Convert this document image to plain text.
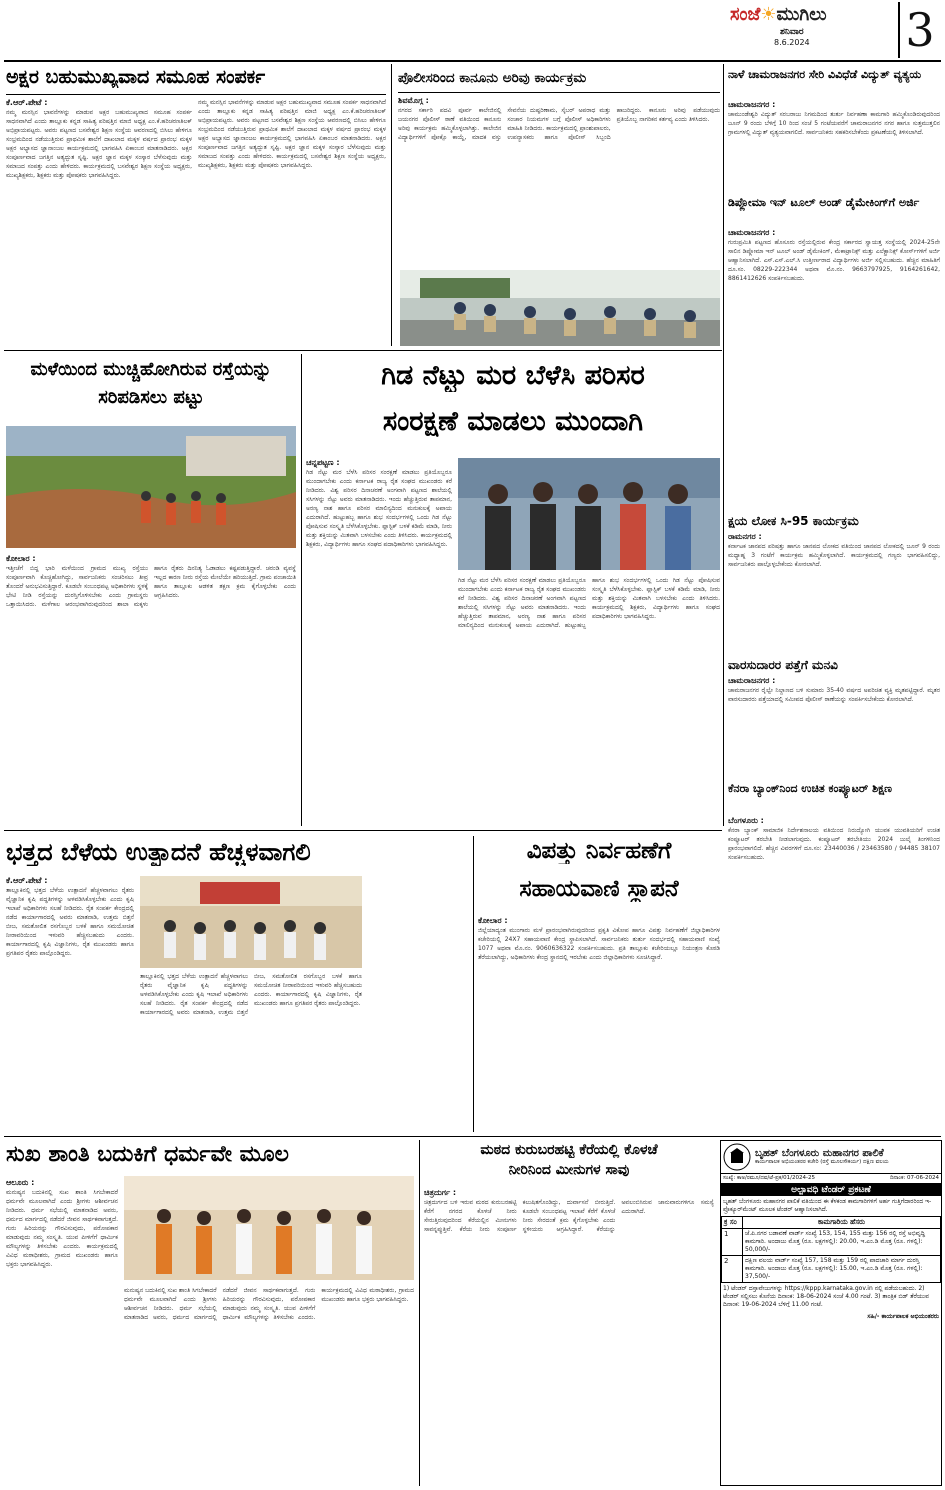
ಸಂಜೆ☀ಮುಗಿಲು
ಶನಿವಾರ
8.6.2024 3
ಅಕ್ಷರ ಬಹುಮುಖ್ಯವಾದ ಸಮೂಹ ಸಂಪರ್ಕ
ಕೆ.ಆರ್.ಪೇಟೆ :
ನಮ್ಮ ಮನಸ್ಸಿನ ಭಾವನೆಗಳನ್ನು ಮಾಡುವ ಅಕ್ಷರ ಬಹುಮುಖ್ಯವಾದ ಸಮೂಹ ಸಂಪರ್ಕ ಸಾಧನವಾಗಿದೆ ಎಂದು ತಾಲ್ಲೂಕು ಕನ್ನಡ ಸಾಹಿತ್ಯ ಪರಿಷತ್ತಿನ ಮಾಜಿ ಅಧ್ಯಕ್ಷ ಎಂ.ಕೆ.ಹರಿಚರಣತಿಲಕ್ ಅಭಿಪ್ರಾಯಪಟ್ಟರು. ಅವರು ಪಟ್ಟಣದ ಬಸವೇಶ್ವರ ಶಿಕ್ಷಣ ಸಂಸ್ಥೆಯ ಆವರಣದಲ್ಲಿ ಬಿಸಿಲು ಹೇಳಿಗೂ ಸಂಭ್ರಮದಿಂದ ನಡೆಯುತ್ತಿರುವ ಪ್ರಾಥಮಿಕ ಶಾಲೆಗೆ ದಾಖಲಾದ ಮಕ್ಕಳ ವರ್ಷದ ಪ್ರಾರಂಭ ಮಕ್ಕಳ ಅಕ್ಷರ ಅಭ್ಯಾಸದ ಜ್ಞಾನಾಂಜಲ ಕಾರ್ಯಕ್ರಮದಲ್ಲಿ ಭಾಗವಹಿಸಿ ಏಕಾಂಬರ ಮಾತನಾಡಿದರು. ಅಕ್ಷರ ಸಂಪೂರ್ಣವಾದ ಜಗತ್ತಿನ ಅತ್ಯದ್ಭುತ ಸೃಷ್ಟಿ. ಅಕ್ಷರ ಜ್ಞಾನ ಮಕ್ಕಳ ಸಂಸ್ಕಾರ ಬೆಳೆಸುವುದು ಮತ್ತು ಸಮಾಜದ ಸಂಪತ್ತು ಎಂದು ಹೇಳಿದರು. ಕಾರ್ಯಕ್ರಮದಲ್ಲಿ ಬಸವೇಶ್ವರ ಶಿಕ್ಷಣ ಸಂಸ್ಥೆಯ ಅಧ್ಯಕ್ಷರು, ಮುಖ್ಯಶಿಕ್ಷಕರು, ಶಿಕ್ಷಕರು ಮತ್ತು ಪೋಷಕರು ಭಾಗವಹಿಸಿದ್ದರು.
ನಮ್ಮ ಮನಸ್ಸಿನ ಭಾವನೆಗಳನ್ನು ಮಾಡುವ ಅಕ್ಷರ ಬಹುಮುಖ್ಯವಾದ ಸಮೂಹ ಸಂಪರ್ಕ ಸಾಧನವಾಗಿದೆ ಎಂದು ತಾಲ್ಲೂಕು ಕನ್ನಡ ಸಾಹಿತ್ಯ ಪರಿಷತ್ತಿನ ಮಾಜಿ ಅಧ್ಯಕ್ಷ ಎಂ.ಕೆ.ಹರಿಚರಣತಿಲಕ್ ಅಭಿಪ್ರಾಯಪಟ್ಟರು. ಅವರು ಪಟ್ಟಣದ ಬಸವೇಶ್ವರ ಶಿಕ್ಷಣ ಸಂಸ್ಥೆಯ ಆವರಣದಲ್ಲಿ ಬಿಸಿಲು ಹೇಳಿಗೂ ಸಂಭ್ರಮದಿಂದ ನಡೆಯುತ್ತಿರುವ ಪ್ರಾಥಮಿಕ ಶಾಲೆಗೆ ದಾಖಲಾದ ಮಕ್ಕಳ ವರ್ಷದ ಪ್ರಾರಂಭ ಮಕ್ಕಳ ಅಕ್ಷರ ಅಭ್ಯಾಸದ ಜ್ಞಾನಾಂಜಲ ಕಾರ್ಯಕ್ರಮದಲ್ಲಿ ಭಾಗವಹಿಸಿ ಏಕಾಂಬರ ಮಾತನಾಡಿದರು. ಅಕ್ಷರ ಸಂಪೂರ್ಣವಾದ ಜಗತ್ತಿನ ಅತ್ಯದ್ಭುತ ಸೃಷ್ಟಿ. ಅಕ್ಷರ ಜ್ಞಾನ ಮಕ್ಕಳ ಸಂಸ್ಕಾರ ಬೆಳೆಸುವುದು ಮತ್ತು ಸಮಾಜದ ಸಂಪತ್ತು ಎಂದು ಹೇಳಿದರು. ಕಾರ್ಯಕ್ರಮದಲ್ಲಿ ಬಸವೇಶ್ವರ ಶಿಕ್ಷಣ ಸಂಸ್ಥೆಯ ಅಧ್ಯಕ್ಷರು, ಮುಖ್ಯಶಿಕ್ಷಕರು, ಶಿಕ್ಷಕರು ಮತ್ತು ಪೋಷಕರು ಭಾಗವಹಿಸಿದ್ದರು.
ಪೊಲೀಸರಿಂದ ಕಾನೂನು ಅರಿವು ಕಾರ್ಯಕ್ರಮ
ಶಿವಮೊಗ್ಗ :
ನಗರದ ಸರ್ಕಾರಿ ಪದವಿ ಪೂರ್ವ ಕಾಲೇಜಿನಲ್ಲಿ ಜಯನಗರ ಪೊಲೀಸ್ ಠಾಣೆ ವತಿಯಿಂದ ಕಾನೂನು ಅರಿವು ಕಾರ್ಯಕ್ರಮ ಹಮ್ಮಿಕೊಳ್ಳಲಾಗಿತ್ತು. ಕಾಲೇಜಿನ ವಿದ್ಯಾರ್ಥಿಗಳಿಗೆ ಪೋಕ್ಸೊ ಕಾಯ್ದೆ, ಮಾದಕ ವಸ್ತು ಸೇವನೆಯ ದುಷ್ಪರಿಣಾಮ, ಸೈಬರ್ ಅಪರಾಧ ಮತ್ತು ಸಂಚಾರ ನಿಯಮಗಳ ಬಗ್ಗೆ ಪೊಲೀಸ್ ಅಧಿಕಾರಿಗಳು ಮಾಹಿತಿ ನೀಡಿದರು. ಕಾರ್ಯಕ್ರಮದಲ್ಲಿ ಪ್ರಾಂಶುಪಾಲರು, ಉಪನ್ಯಾಸಕರು ಹಾಗೂ ಪೊಲೀಸ್ ಸಿಬ್ಬಂದಿ ಹಾಜರಿದ್ದರು. ಕಾನೂನು ಅರಿವು ಪಡೆಯುವುದು ಪ್ರತಿಯೊಬ್ಬ ನಾಗರಿಕನ ಕರ್ತವ್ಯ ಎಂದು ತಿಳಿಸಿದರು.
ನಾಳೆ ಚಾಮರಾಜನಗರ ಸೇರಿ ವಿವಿಧೆಡೆ ವಿದ್ಯುತ್ ವ್ಯತ್ಯಯ
ಚಾಮರಾಜನಗರ :
ಚಾಮುಂಡೇಶ್ವರಿ ವಿದ್ಯುತ್ ಸರಬರಾಜು ನಿಗಮದಿಂದ ತುರ್ತು ನಿರ್ವಹಣಾ ಕಾಮಗಾರಿ ಹಮ್ಮಿಕೊಂಡಿರುವುದರಿಂದ ಜೂನ್ 9 ರಂದು ಬೆಳಿಗ್ಗೆ 10 ರಿಂದ ಸಂಜೆ 5 ಗಂಟೆಯವರೆಗೆ ಚಾಮರಾಜನಗರ ನಗರ ಹಾಗೂ ಸುತ್ತಮುತ್ತಲಿನ ಗ್ರಾಮಗಳಲ್ಲಿ ವಿದ್ಯುತ್ ವ್ಯತ್ಯಯವಾಗಲಿದೆ. ಸಾರ್ವಜನಿಕರು ಸಹಕರಿಸಬೇಕೆಂದು ಪ್ರಕಟಣೆಯಲ್ಲಿ ತಿಳಿಸಲಾಗಿದೆ.
ಡಿಪ್ಲೋಮಾ ಇನ್ ಟೂಲ್ ಅಂಡ್ ಡೈಮೇಕಿಂಗ್‌ಗೆ ಅರ್ಜಿ
ಚಾಮರಾಜನಗರ :
ಗುರುಪ್ರಮಿತಿ ಪಟ್ಟಣದ ಹೊಸೂರು ರಸ್ತೆಯಲ್ಲಿರುವ ಕೇಂದ್ರ ಸರ್ಕಾರದ ಸ್ವಾಯತ್ತ ಸಂಸ್ಥೆಯಲ್ಲಿ 2024-25ನೇ ಸಾಲಿನ ಡಿಪ್ಲೋಮಾ ಇನ್ ಟೂಲ್ ಅಂಡ್ ಡೈಮೇಕಿಂಗ್, ಮೆಕಾಟ್ರಾನಿಕ್ಸ್ ಮತ್ತು ಎಲೆಕ್ಟ್ರಾನಿಕ್ಸ್ ಕೋರ್ಸ್‌ಗಳಿಗೆ ಅರ್ಜಿ ಆಹ್ವಾನಿಸಲಾಗಿದೆ. ಎಸ್.ಎಸ್.ಎಲ್.ಸಿ ಉತ್ತೀರ್ಣರಾದ ವಿದ್ಯಾರ್ಥಿಗಳು ಅರ್ಜಿ ಸಲ್ಲಿಸಬಹುದು. ಹೆಚ್ಚಿನ ಮಾಹಿತಿಗೆ ದೂ.ಸಂ. 08229-222344 ಅಥವಾ ಮೊ.ನಂ. 9663797925, 9164261642, 8861412626 ಸಂಪರ್ಕಿಸಬಹುದು.
ಮಳೆಯಿಂದ ಮುಚ್ಚಿಹೋಗಿರುವ ರಸ್ತೆಯನ್ನು ಸರಿಪಡಿಸಲು ಪಟ್ಟು
ಕೋಲಾರ :
ಇತ್ತೀಚೆಗೆ ಬಿದ್ದ ಭಾರಿ ಮಳೆಯಿಂದ ಗ್ರಾಮದ ಮುಖ್ಯ ರಸ್ತೆಯು ಸಂಪೂರ್ಣವಾಗಿ ಕೊಚ್ಚಿಹೋಗಿದ್ದು, ಸಾರ್ವಜನಿಕರು ಸಂಚರಿಸಲು ತೀವ್ರ ತೊಂದರೆ ಅನುಭವಿಸುತ್ತಿದ್ದಾರೆ. ಕೂಡಲೇ ಸಂಬಂಧಪಟ್ಟ ಅಧಿಕಾರಿಗಳು ಸ್ಥಳಕ್ಕೆ ಭೇಟಿ ನೀಡಿ ರಸ್ತೆಯನ್ನು ದುರಸ್ತಿಗೊಳಿಸಬೇಕು ಎಂದು ಗ್ರಾಮಸ್ಥರು ಒತ್ತಾಯಿಸಿದರು. ಮಳೆಗಾಲ ಆರಂಭವಾಗಿರುವುದರಿಂದ ಶಾಲಾ ಮಕ್ಕಳು ಹಾಗೂ ರೈತರು ದಿನನಿತ್ಯ ಓಡಾಡಲು ಕಷ್ಟಪಡುತ್ತಿದ್ದಾರೆ. ಚರಂಡಿ ವ್ಯವಸ್ಥೆ ಇಲ್ಲದ ಕಾರಣ ನೀರು ರಸ್ತೆಯ ಮೇಲೆಯೇ ಹರಿಯುತ್ತಿದೆ. ಗ್ರಾಮ ಪಂಚಾಯಿತಿ ಹಾಗೂ ತಾಲ್ಲೂಕು ಆಡಳಿತ ತಕ್ಷಣ ಕ್ರಮ ಕೈಗೊಳ್ಳಬೇಕು ಎಂದು ಆಗ್ರಹಿಸಿದರು.
ಗಿಡ ನೆಟ್ಟು ಮರ ಬೆಳೆಸಿ ಪರಿಸರ
ಸಂರಕ್ಷಣೆ ಮಾಡಲು ಮುಂದಾಗಿ
ಚನ್ನಪಟ್ಟಣ :
ಗಿಡ ನೆಟ್ಟು ಮರ ಬೆಳೆಸಿ ಪರಿಸರ ಸಂರಕ್ಷಣೆ ಮಾಡಲು ಪ್ರತಿಯೊಬ್ಬರೂ ಮುಂದಾಗಬೇಕು ಎಂದು ಕರ್ನಾಟಕ ರಾಜ್ಯ ರೈತ ಸಂಘದ ಮುಖಂಡರು ಕರೆ ನೀಡಿದರು. ವಿಶ್ವ ಪರಿಸರ ದಿನಾಚರಣೆ ಅಂಗವಾಗಿ ಪಟ್ಟಣದ ಶಾಲೆಯಲ್ಲಿ ಸಸಿಗಳನ್ನು ನೆಟ್ಟು ಅವರು ಮಾತನಾಡಿದರು. ಇಂದು ಹೆಚ್ಚುತ್ತಿರುವ ತಾಪಮಾನ, ಅರಣ್ಯ ನಾಶ ಹಾಗೂ ಪರಿಸರ ಮಾಲಿನ್ಯದಿಂದ ಮನುಕುಲಕ್ಕೆ ಅಪಾಯ ಎದುರಾಗಿದೆ. ಹುಟ್ಟುಹಬ್ಬ ಹಾಗೂ ಶುಭ ಸಂದರ್ಭಗಳಲ್ಲಿ ಒಂದು ಗಿಡ ನೆಟ್ಟು ಪೋಷಿಸುವ ಸಂಸ್ಕೃತಿ ಬೆಳೆಸಿಕೊಳ್ಳಬೇಕು. ಪ್ಲಾಸ್ಟಿಕ್ ಬಳಕೆ ಕಡಿಮೆ ಮಾಡಿ, ನೀರು ಮತ್ತು ಶಕ್ತಿಯನ್ನು ಮಿತವಾಗಿ ಬಳಸಬೇಕು ಎಂದು ತಿಳಿಸಿದರು. ಕಾರ್ಯಕ್ರಮದಲ್ಲಿ ಶಿಕ್ಷಕರು, ವಿದ್ಯಾರ್ಥಿಗಳು ಹಾಗೂ ಸಂಘದ ಪದಾಧಿಕಾರಿಗಳು ಭಾಗವಹಿಸಿದ್ದರು.
ಗಿಡ ನೆಟ್ಟು ಮರ ಬೆಳೆಸಿ ಪರಿಸರ ಸಂರಕ್ಷಣೆ ಮಾಡಲು ಪ್ರತಿಯೊಬ್ಬರೂ ಮುಂದಾಗಬೇಕು ಎಂದು ಕರ್ನಾಟಕ ರಾಜ್ಯ ರೈತ ಸಂಘದ ಮುಖಂಡರು ಕರೆ ನೀಡಿದರು. ವಿಶ್ವ ಪರಿಸರ ದಿನಾಚರಣೆ ಅಂಗವಾಗಿ ಪಟ್ಟಣದ ಶಾಲೆಯಲ್ಲಿ ಸಸಿಗಳನ್ನು ನೆಟ್ಟು ಅವರು ಮಾತನಾಡಿದರು. ಇಂದು ಹೆಚ್ಚುತ್ತಿರುವ ತಾಪಮಾನ, ಅರಣ್ಯ ನಾಶ ಹಾಗೂ ಪರಿಸರ ಮಾಲಿನ್ಯದಿಂದ ಮನುಕುಲಕ್ಕೆ ಅಪಾಯ ಎದುರಾಗಿದೆ. ಹುಟ್ಟುಹಬ್ಬ ಹಾಗೂ ಶುಭ ಸಂದರ್ಭಗಳಲ್ಲಿ ಒಂದು ಗಿಡ ನೆಟ್ಟು ಪೋಷಿಸುವ ಸಂಸ್ಕೃತಿ ಬೆಳೆಸಿಕೊಳ್ಳಬೇಕು. ಪ್ಲಾಸ್ಟಿಕ್ ಬಳಕೆ ಕಡಿಮೆ ಮಾಡಿ, ನೀರು ಮತ್ತು ಶಕ್ತಿಯನ್ನು ಮಿತವಾಗಿ ಬಳಸಬೇಕು ಎಂದು ತಿಳಿಸಿದರು. ಕಾರ್ಯಕ್ರಮದಲ್ಲಿ ಶಿಕ್ಷಕರು, ವಿದ್ಯಾರ್ಥಿಗಳು ಹಾಗೂ ಸಂಘದ ಪದಾಧಿಕಾರಿಗಳು ಭಾಗವಹಿಸಿದ್ದರು.
ಕ್ಷಯ ಲೋಕ ಸಿ-95 ಕಾರ್ಯಕ್ರಮ
ರಾಮನಗರ :
ಕರ್ನಾಟಕ ಜಾನಪದ ಪರಿಷತ್ತು ಹಾಗೂ ಜಾನಪದ ಲೋಕದ ವತಿಯಿಂದ ಜಾನಪದ ಲೋಕದಲ್ಲಿ ಜೂನ್ 9 ರಂದು ಮಧ್ಯಾಹ್ನ 3 ಗಂಟೆಗೆ ಕಾರ್ಯಕ್ರಮ ಹಮ್ಮಿಕೊಳ್ಳಲಾಗಿದೆ. ಕಾರ್ಯಕ್ರಮದಲ್ಲಿ ಗಣ್ಯರು ಭಾಗವಹಿಸಲಿದ್ದು, ಸಾರ್ವಜನಿಕರು ಪಾಲ್ಗೊಳ್ಳಬೇಕೆಂದು ಕೋರಲಾಗಿದೆ.
ವಾರಸುದಾರರ ಪತ್ತೆಗೆ ಮನವಿ
ಚಾಮರಾಜನಗರ :
ಚಾಮರಾಜನಗರ ರೈಲ್ವೇ ನಿಲ್ದಾಣದ ಬಳಿ ಸುಮಾರು 35-40 ವರ್ಷದ ಅಪರಿಚಿತ ವ್ಯಕ್ತಿ ಮೃತಪಟ್ಟಿದ್ದಾರೆ. ಮೃತರ ವಾರಸುದಾರರು ಪತ್ತೆಯಾದಲ್ಲಿ ಸಮೀಪದ ಪೊಲೀಸ್ ಠಾಣೆಯನ್ನು ಸಂಪರ್ಕಿಸಬೇಕೆಂದು ಕೋರಲಾಗಿದೆ.
ಕೆನರಾ ಬ್ಯಾಂಕ್‌ನಿಂದ ಉಚಿತ ಕಂಪ್ಯೂಟರ್ ಶಿಕ್ಷಣ
ಬೆಂಗಳೂರು :
ಕೆನರಾ ಬ್ಯಾಂಕ್ ಸಾಮಾಜಿಕ ನಿರ್ದೇಶನಾಲಯ ವತಿಯಿಂದ ನಿರುದ್ಯೋಗಿ ಯುವಕ ಯುವತಿಯರಿಗೆ ಉಚಿತ ಕಂಪ್ಯೂಟರ್ ತರಬೇತಿ ನೀಡಲಾಗುವುದು. ಕಂಪ್ಯೂಟರ್ ತರಬೇತಿಯು 2024 ಜುಲೈ ತಿಂಗಳಿನಿಂದ ಪ್ರಾರಂಭವಾಗಲಿದೆ. ಹೆಚ್ಚಿನ ವಿವರಗಳಿಗೆ ದೂ.ಸಂ: 23440036 / 23463580 / 94485 38107 ಸಂಪರ್ಕಿಸಬಹುದು.
ಭತ್ತದ ಬೆಳೆಯ ಉತ್ಪಾದನೆ ಹೆಚ್ಚಳವಾಗಲಿ
ಕೆ.ಆರ್.ಪೇಟೆ :
ತಾಲ್ಲೂಕಿನಲ್ಲಿ ಭತ್ತದ ಬೆಳೆಯ ಉತ್ಪಾದನೆ ಹೆಚ್ಚಳವಾಗಲು ರೈತರು ವೈಜ್ಞಾನಿಕ ಕೃಷಿ ಪದ್ಧತಿಗಳನ್ನು ಅಳವಡಿಸಿಕೊಳ್ಳಬೇಕು ಎಂದು ಕೃಷಿ ಇಲಾಖೆ ಅಧಿಕಾರಿಗಳು ಸಲಹೆ ನೀಡಿದರು. ರೈತ ಸಂಪರ್ಕ ಕೇಂದ್ರದಲ್ಲಿ ನಡೆದ ಕಾರ್ಯಾಗಾರದಲ್ಲಿ ಅವರು ಮಾತನಾಡಿ, ಉತ್ತಮ ಬಿತ್ತನೆ ಬೀಜ, ಸಮತೋಲಿತ ರಸಗೊಬ್ಬರ ಬಳಕೆ ಹಾಗೂ ಸಮಯೋಚಿತ ನೀರಾವರಿಯಿಂದ ಇಳುವರಿ ಹೆಚ್ಚಿಸಬಹುದು ಎಂದರು. ಕಾರ್ಯಾಗಾರದಲ್ಲಿ ಕೃಷಿ ವಿಜ್ಞಾನಿಗಳು, ರೈತ ಮುಖಂಡರು ಹಾಗೂ ಪ್ರಗತಿಪರ ರೈತರು ಪಾಲ್ಗೊಂಡಿದ್ದರು.
ತಾಲ್ಲೂಕಿನಲ್ಲಿ ಭತ್ತದ ಬೆಳೆಯ ಉತ್ಪಾದನೆ ಹೆಚ್ಚಳವಾಗಲು ರೈತರು ವೈಜ್ಞಾನಿಕ ಕೃಷಿ ಪದ್ಧತಿಗಳನ್ನು ಅಳವಡಿಸಿಕೊಳ್ಳಬೇಕು ಎಂದು ಕೃಷಿ ಇಲಾಖೆ ಅಧಿಕಾರಿಗಳು ಸಲಹೆ ನೀಡಿದರು. ರೈತ ಸಂಪರ್ಕ ಕೇಂದ್ರದಲ್ಲಿ ನಡೆದ ಕಾರ್ಯಾಗಾರದಲ್ಲಿ ಅವರು ಮಾತನಾಡಿ, ಉತ್ತಮ ಬಿತ್ತನೆ ಬೀಜ, ಸಮತೋಲಿತ ರಸಗೊಬ್ಬರ ಬಳಕೆ ಹಾಗೂ ಸಮಯೋಚಿತ ನೀರಾವರಿಯಿಂದ ಇಳುವರಿ ಹೆಚ್ಚಿಸಬಹುದು ಎಂದರು. ಕಾರ್ಯಾಗಾರದಲ್ಲಿ ಕೃಷಿ ವಿಜ್ಞಾನಿಗಳು, ರೈತ ಮುಖಂಡರು ಹಾಗೂ ಪ್ರಗತಿಪರ ರೈತರು ಪಾಲ್ಗೊಂಡಿದ್ದರು.
ವಿಪತ್ತು ನಿರ್ವಹಣೆಗೆ
ಸಹಾಯವಾಣಿ ಸ್ಥಾಪನೆ
ಕೋಲಾರ :
ಜಿಲ್ಲೆಯಾದ್ಯಂತ ಮುಂಗಾರು ಮಳೆ ಪ್ರಾರಂಭವಾಗಿರುವುದರಿಂದ ಪ್ರಕೃತಿ ವಿಕೋಪ ಹಾಗೂ ವಿಪತ್ತು ನಿರ್ವಹಣೆಗೆ ಜಿಲ್ಲಾಧಿಕಾರಿಗಳ ಕಚೇರಿಯಲ್ಲಿ 24X7 ಸಹಾಯವಾಣಿ ಕೇಂದ್ರ ಸ್ಥಾಪಿಸಲಾಗಿದೆ. ಸಾರ್ವಜನಿಕರು ತುರ್ತು ಸಂದರ್ಭದಲ್ಲಿ ಸಹಾಯವಾಣಿ ಸಂಖ್ಯೆ 1077 ಅಥವಾ ಮೊ.ನಂ. 9060636322 ಸಂಪರ್ಕಿಸಬಹುದು. ಪ್ರತಿ ತಾಲ್ಲೂಕು ಕಚೇರಿಯಲ್ಲೂ ನಿಯಂತ್ರಣ ಕೊಠಡಿ ತೆರೆಯಲಾಗಿದ್ದು, ಅಧಿಕಾರಿಗಳು ಕೇಂದ್ರ ಸ್ಥಾನದಲ್ಲಿ ಇರಬೇಕು ಎಂದು ಜಿಲ್ಲಾಧಿಕಾರಿಗಳು ಸೂಚಿಸಿದ್ದಾರೆ.
ಸುಖ ಶಾಂತಿ ಬದುಕಿಗೆ ಧರ್ಮವೇ ಮೂಲ
ಆಲೂರು :
ಮನುಷ್ಯನ ಬದುಕಿನಲ್ಲಿ ಸುಖ ಶಾಂತಿ ಸಿಗಬೇಕಾದರೆ ಧರ್ಮವೇ ಮೂಲವಾಗಿದೆ ಎಂದು ಶ್ರೀಗಳು ಆಶೀರ್ವಚನ ನೀಡಿದರು. ಧರ್ಮ ಸಭೆಯಲ್ಲಿ ಮಾತನಾಡಿದ ಅವರು, ಧರ್ಮದ ಮಾರ್ಗದಲ್ಲಿ ನಡೆದರೆ ಜೀವನ ಸಾರ್ಥಕವಾಗುತ್ತದೆ. ಗುರು ಹಿರಿಯರನ್ನು ಗೌರವಿಸುವುದು, ಪರೋಪಕಾರ ಮಾಡುವುದು ನಮ್ಮ ಸಂಸ್ಕೃತಿ. ಯುವ ಪೀಳಿಗೆಗೆ ಧಾರ್ಮಿಕ ಮೌಲ್ಯಗಳನ್ನು ತಿಳಿಸಬೇಕು ಎಂದರು. ಕಾರ್ಯಕ್ರಮದಲ್ಲಿ ವಿವಿಧ ಮಠಾಧೀಶರು, ಗ್ರಾಮದ ಮುಖಂಡರು ಹಾಗೂ ಭಕ್ತರು ಭಾಗವಹಿಸಿದ್ದರು.
ಮನುಷ್ಯನ ಬದುಕಿನಲ್ಲಿ ಸುಖ ಶಾಂತಿ ಸಿಗಬೇಕಾದರೆ ಧರ್ಮವೇ ಮೂಲವಾಗಿದೆ ಎಂದು ಶ್ರೀಗಳು ಆಶೀರ್ವಚನ ನೀಡಿದರು. ಧರ್ಮ ಸಭೆಯಲ್ಲಿ ಮಾತನಾಡಿದ ಅವರು, ಧರ್ಮದ ಮಾರ್ಗದಲ್ಲಿ ನಡೆದರೆ ಜೀವನ ಸಾರ್ಥಕವಾಗುತ್ತದೆ. ಗುರು ಹಿರಿಯರನ್ನು ಗೌರವಿಸುವುದು, ಪರೋಪಕಾರ ಮಾಡುವುದು ನಮ್ಮ ಸಂಸ್ಕೃತಿ. ಯುವ ಪೀಳಿಗೆಗೆ ಧಾರ್ಮಿಕ ಮೌಲ್ಯಗಳನ್ನು ತಿಳಿಸಬೇಕು ಎಂದರು. ಕಾರ್ಯಕ್ರಮದಲ್ಲಿ ವಿವಿಧ ಮಠಾಧೀಶರು, ಗ್ರಾಮದ ಮುಖಂಡರು ಹಾಗೂ ಭಕ್ತರು ಭಾಗವಹಿಸಿದ್ದರು.
ಮಠದ ಕುರುಬರಹಟ್ಟಿ ಕೆರೆಯಲ್ಲಿ ಕೊಳಚೆ
ನೀರಿನಿಂದ ಮೀನುಗಳ ಸಾವು
ಚಿತ್ರದುರ್ಗ :
ಚಿತ್ರದುರ್ಗದ ಬಳಿ ಇರುವ ಮಠದ ಕುರುಬರಹಟ್ಟಿ ಕೆರೆಗೆ ನಗರದ ಕೊಳಚೆ ನೀರು ಸೇರುತ್ತಿರುವುದರಿಂದ ಕೆರೆಯಲ್ಲಿನ ಮೀನುಗಳು ಸಾವನ್ನಪ್ಪುತ್ತಿವೆ. ಕೆರೆಯ ನೀರು ಸಂಪೂರ್ಣ ಕಲುಷಿತಗೊಂಡಿದ್ದು, ದುರ್ವಾಸನೆ ಬೀರುತ್ತಿದೆ. ಕೂಡಲೇ ಸಂಬಂಧಪಟ್ಟ ಇಲಾಖೆ ಕೆರೆಗೆ ಕೊಳಚೆ ನೀರು ಸೇರದಂತೆ ಕ್ರಮ ಕೈಗೊಳ್ಳಬೇಕು ಎಂದು ಸ್ಥಳೀಯರು ಆಗ್ರಹಿಸಿದ್ದಾರೆ. ಕೆರೆಯನ್ನು ಅವಲಂಬಿಸಿರುವ ಜಾನುವಾರುಗಳಿಗೂ ಸಮಸ್ಯೆ ಎದುರಾಗಿದೆ.
ಬೃಹತ್ ಬೆಂಗಳೂರು ಮಹಾನಗರ ಪಾಲಿಕೆ
ಕಾರ್ಯಪಾಲಕ ಅಭಿಯಂತರರ ಕಚೇರಿ (ರಸ್ತೆ ಮೂಲಸೌಕರ್ಯ) ದಕ್ಷಿಣ ವಲಯ
ಸಂಖ್ಯೆ: ಕಾಅ/ರಮೂ/ದವ/ಟೆ-ಪ್ರಕ/01/2024-25	ದಿನಾಂಕ: 07-06-2024
ಅಲ್ಪಾವಧಿ ಟೆಂಡರ್ ಪ್ರಕಟಣೆ
ಬೃಹತ್ ಬೆಂಗಳೂರು ಮಹಾನಗರ ಪಾಲಿಕೆ ವತಿಯಿಂದ ಈ ಕೆಳಕಂಡ ಕಾಮಗಾರಿಗಳಿಗೆ ಅರ್ಹ ಗುತ್ತಿಗೆದಾರರಿಂದ ಇ-ಪ್ರೊಕ್ಯೂರ್‌ಮೆಂಟ್ ಮೂಲಕ ಟೆಂಡರ್ ಆಹ್ವಾನಿಸಲಾಗಿದೆ.
ಕ್ರ ಸಂ	ಕಾಮಗಾರಿಯ ಹೆಸರು
1	ಜೆ.ಪಿ.ನಗರ ಬಡಾವಣೆ ವಾರ್ಡ್ ಸಂಖ್ಯೆ 153, 154, 155 ಮತ್ತು 156 ರಲ್ಲಿ ರಸ್ತೆ ಅಭಿವೃದ್ಧಿ ಕಾಮಗಾರಿ. ಅಂದಾಜು ಮೊತ್ತ (ರೂ. ಲಕ್ಷಗಳಲ್ಲಿ): 20.00, ಇ.ಎಂ.ಡಿ ಮೊತ್ತ (ರೂ. ಗಳಲ್ಲಿ): 50,000/-
2	ದಕ್ಷಿಣ ವಲಯ ವಾರ್ಡ್ ಸಂಖ್ಯೆ 157, 158 ಮತ್ತು 159 ರಲ್ಲಿ ಪಾದಚಾರಿ ಮಾರ್ಗ ದುರಸ್ತಿ ಕಾಮಗಾರಿ. ಅಂದಾಜು ಮೊತ್ತ (ರೂ. ಲಕ್ಷಗಳಲ್ಲಿ): 15.00, ಇ.ಎಂ.ಡಿ ಮೊತ್ತ (ರೂ. ಗಳಲ್ಲಿ): 37,500/-
1) ಟೆಂಡರ್ ದಸ್ತಾವೇಜುಗಳನ್ನು https://kppp.karnataka.gov.in ನಲ್ಲಿ ಪಡೆಯಬಹುದು. 2) ಟೆಂಡರ್ ಸಲ್ಲಿಸಲು ಕೊನೆಯ ದಿನಾಂಕ: 18-06-2024 ಸಂಜೆ 4.00 ಗಂಟೆ. 3) ತಾಂತ್ರಿಕ ಬಿಡ್ ತೆರೆಯುವ ದಿನಾಂಕ: 19-06-2024 ಬೆಳಿಗ್ಗೆ 11.00 ಗಂಟೆ.
ಸಹಿ/- ಕಾರ್ಯಪಾಲಕ ಅಭಿಯಂತರರು
